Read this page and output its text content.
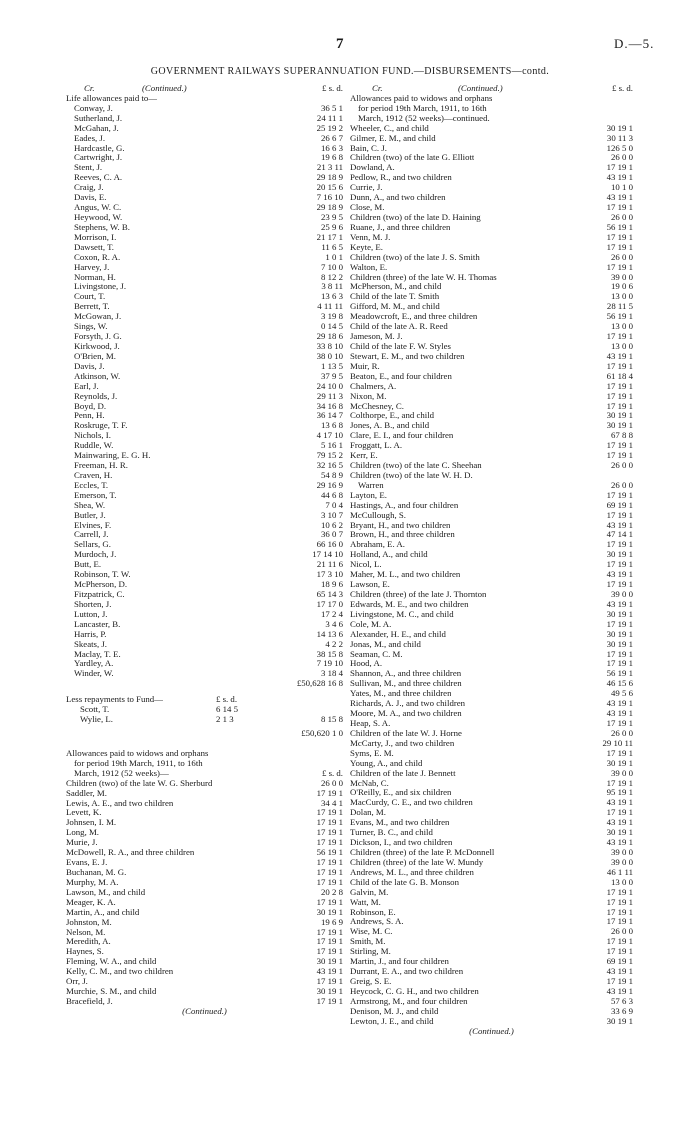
7	D.—5.
GOVERNMENT RAILWAYS SUPERANNUATION FUND.—DISBURSEMENTS—contd.
Cr.	(Continued.)	£ s. d.
Life allowances paid to—
Conway, J.	36 5 1
Sutherland, J.	24 11 1
McGahan, J.	25 19 2
Eades, J.	26 6 7
Hardcastle, G.	16 6 3
Cartwright, J.	19 6 8
Stent, J.	21 3 11
Reeves, C. A.	29 18 9
Craig, J.	20 15 6
Davis, E.	7 16 10
Angus, W. C.	29 18 9
Heywood, W.	23 9 5
Stephens, W. B.	25 9 6
Morrison, I.	21 17 1
Dawsett, T.	11 6 5
Coxon, R. A.	1 0 1
Harvey, J.	7 10 0
Norman, H.	8 12 2
Livingstone, J.	3 8 11
Court, T.	13 6 3
Berrett, T.	4 11 11
McGowan, J.	3 19 8
Sings, W.	0 14 5
Forsyth, J. G.	29 18 6
Kirkwood, J.	33 8 10
O'Brien, M.	38 0 10
Davis, J.	1 13 5
Atkinson, W.	37 9 5
Earl, J.	24 10 0
Reynolds, J.	29 11 3
Boyd, D.	34 16 8
Penn, H.	36 14 7
Roskruge, T. F.	13 6 8
Nichols, I.	4 17 10
Ruddle, W.	5 16 1
Mainwaring, E. G. H.	79 15 2
Freeman, H. R.	32 16 5
Craven, H.	54 8 9
Eccles, T.	29 16 9
Emerson, T.	44 6 8
Shea, W.	7 0 4
Butler, J.	3 10 7
Elvines, F.	10 6 2
Carrell, J.	36 0 7
Sellars, G.	66 16 0
Murdoch, J.	17 14 10
Butt, E.	21 11 6
Robinson, T. W.	17 3 10
McPherson, D.	18 9 6
Fitzpatrick, C.	65 14 3
Shorten, J.	17 17 0
Lutton, J.	17 2 4
Lancaster, B.	3 4 6
Harris, P.	14 13 6
Skeats, J.	4 2 2
Maclay, T. E.	38 15 8
Yardley, A.	7 19 10
Winder, W.	3 18 4
£50,628 16 8
Less repayments to Fund—	£ s. d.
Scott, T.	6 14 5
Wylie, L.	2 1 3	8 15 8
£50,620 1 0
Allowances paid to widows and orphans
for period 19th March, 1911, to 16th
March, 1912 (52 weeks)—	£ s. d.
Children (two) of the late W. G. Sherburd	26 0 0
Saddler, M.	17 19 1
Lewis, A. E., and two children	34 4 1
Levett, K.	17 19 1
Johnsen, I. M.	17 19 1
Long, M.	17 19 1
Murie, J.	17 19 1
McDowell, R. A., and three children	56 19 1
Evans, E. J.	17 19 1
Buchanan, M. G.	17 19 1
Murphy, M. A.	17 19 1
Lawson, M., and child	20 2 8
Meager, K. A.	17 19 1
Martin, A., and child	30 19 1
Johnston, M.	19 6 9
Nelson, M.	17 19 1
Meredith, A.	17 19 1
Haynes, S.	17 19 1
Fleming, W. A., and child	30 19 1
Kelly, C. M., and two children	43 19 1
Orr, J.	17 19 1
Murchie, S. M., and child	30 19 1
Bracefield, J.	17 19 1
(Continued.)
Cr.	(Continued.)	£ s. d.
Allowances paid to widows and orphans
for period 19th March, 1911, to 16th
March, 1912 (52 weeks)—continued.
Wheeler, C., and child	30 19 1
Gilmer, E. M., and child	30 11 3
Bain, C. J.	126 5 0
Children (two) of the late G. Elliott	26 0 0
Dowland, A.	17 19 1
Pedlow, R., and two children	43 19 1
Currie, J.	10 1 0
Dunn, A., and two children	43 19 1
Close, M.	17 19 1
Children (two) of the late D. Haining	26 0 0
Ruane, J., and three children	56 19 1
Venn, M. J.	17 19 1
Keyte, E.	17 19 1
Children (two) of the late J. S. Smith	26 0 0
Walton, E.	17 19 1
Children (three) of the late W. H. Thomas	39 0 0
McPherson, M., and child	19 0 6
Child of the late T. Smith	13 0 0
Gifford, M. M., and child	28 11 5
Meadowcroft, E., and three children	56 19 1
Child of the late A. R. Reed	13 0 0
Jameson, M. J.	17 19 1
Child of the late F. W. Styles	13 0 0
Stewart, E. M., and two children	43 19 1
Muir, R.	17 19 1
Beaton, E., and four children	61 18 4
Chalmers, A.	17 19 1
Nixon, M.	17 19 1
McChesney, C.	17 19 1
Colthorpe, E., and child	30 19 1
Jones, A. B., and child	30 19 1
Clare, E. I., and four children	67 8 8
Froggatt, L. A.	17 19 1
Kerr, E.	17 19 1
Children (two) of the late C. Sheehan	26 0 0
Children (two) of the late W. H. D.
Warren	26 0 0
Layton, E.	17 19 1
Hastings, A., and four children	69 19 1
McCullough, S.	17 19 1
Bryant, H., and two children	43 19 1
Brown, H., and three children	47 14 1
Abraham, E. A.	17 19 1
Holland, A., and child	30 19 1
Nicol, L.	17 19 1
Maher, M. L., and two children	43 19 1
Lawson, E.	17 19 1
Children (three) of the late J. Thornton	39 0 0
Edwards, M. E., and two children	43 19 1
Livingstone, M. C., and child	30 19 1
Cole, M. A.	17 19 1
Alexander, H. E., and child	30 19 1
Jonas, M., and child	30 19 1
Seaman, C. M.	17 19 1
Hood, A.	17 19 1
Shannon, A., and three children	56 19 1
Sullivan, M., and three children	46 15 6
Yates, M., and three children	49 5 6
Richards, A. J., and two children	43 19 1
Moore, M. A., and two children	43 19 1
Heap, S. A.	17 19 1
Children of the late W. J. Horne	26 0 0
McCarty, J., and two children	29 10 11
Syms, E. M.	17 19 1
Young, A., and child	30 19 1
Children of the late J. Bennett	39 0 0
McNab, C.	17 19 1
O'Reilly, E., and six children	95 19 1
MacCurdy, C. E., and two children	43 19 1
Dolan, M.	17 19 1
Evans, M., and two children	43 19 1
Turner, B. C., and child	30 19 1
Dickson, I., and two children	43 19 1
Children (three) of the late P. McDonnell	39 0 0
Children (three) of the late W. Mundy	39 0 0
Andrews, M. L., and three children	46 1 11
Child of the late G. B. Monson	13 0 0
Galvin, M.	17 19 1
Watt, M.	17 19 1
Robinson, E.	17 19 1
Andrews, S. A.	17 19 1
Wise, M. C.	26 0 0
Smith, M.	17 19 1
Stirling, M.	17 19 1
Martin, J., and four children	69 19 1
Durrant, E. A., and two children	43 19 1
Greig, S. E.	17 19 1
Heycock, C. G. H., and two children	43 19 1
Armstrong, M., and four children	57 6 3
Denison, M. J., and child	33 6 9
Lewton, J. E., and child	30 19 1
(Continued.)
